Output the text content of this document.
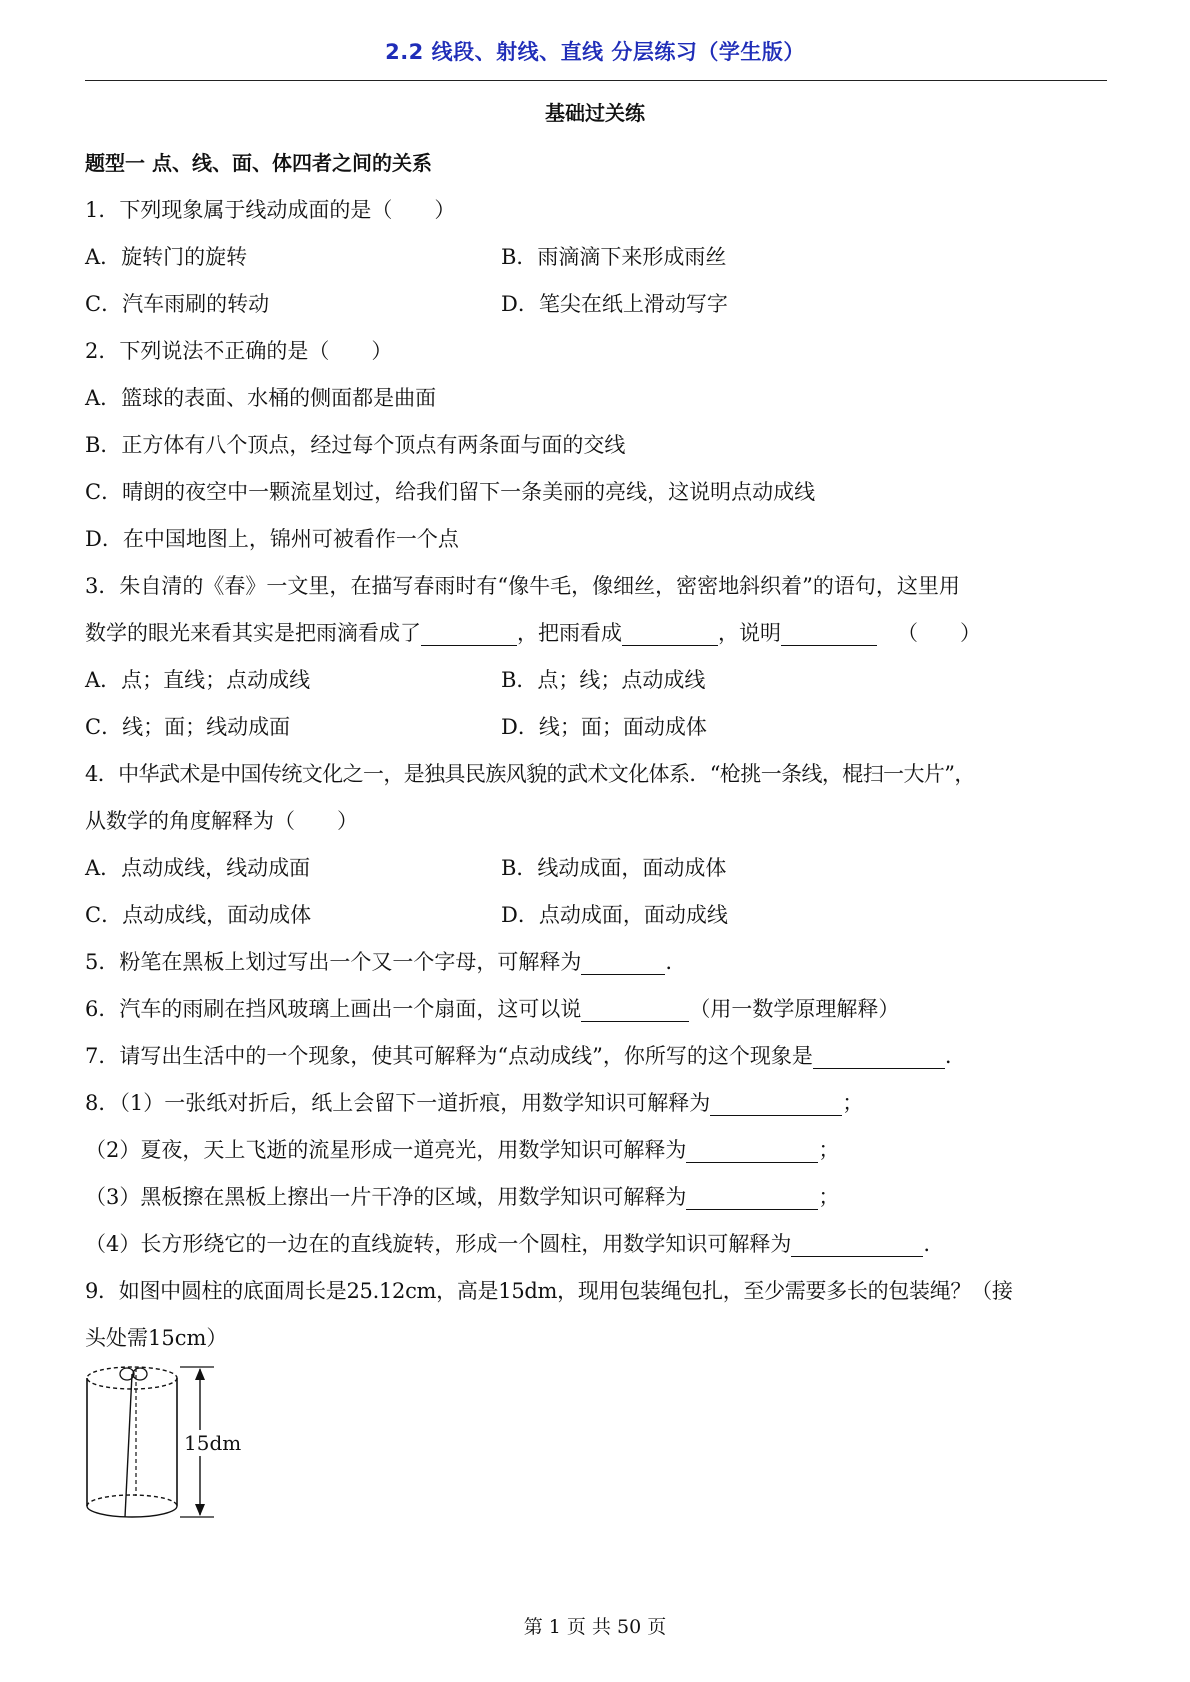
2.2 线段、射线、直线 分层练习（学生版）
基础过关练
题型一 点、线、面、体四者之间的关系
1．下列现象属于线动成面的是（　　）
A．旋转门的旋转	B．雨滴滴下来形成雨丝
C．汽车雨刷的转动	D．笔尖在纸上滑动写字
2．下列说法不正确的是（　　）
A．篮球的表面、水桶的侧面都是曲面
B．正方体有八个顶点，经过每个顶点有两条面与面的交线
C．晴朗的夜空中一颗流星划过，给我们留下一条美丽的亮线，这说明点动成线
D．在中国地图上，锦州可被看作一个点
3．朱自清的《春》一文里，在描写春雨时有“像牛毛，像细丝，密密地斜织着”的语句，这里用
数学的眼光来看其实是把雨滴看成了	，把雨看成	，说明	（　　）
A．点；直线；点动成线	B．点；线；点动成线
C．线；面；线动成面	D．线；面；面动成体
4．中华武术是中国传统文化之一，是独具民族风貌的武术文化体系．“枪挑一条线，棍扫一大片”，
从数学的角度解释为（　　）
A．点动成线，线动成面	B．线动成面，面动成体
C．点动成线，面动成体	D．点动成面，面动成线
5．粉笔在黑板上划过写出一个又一个字母，可解释为	.
6．汽车的雨刷在挡风玻璃上画出一个扇面，这可以说	（用一数学原理解释）
7．请写出生活中的一个现象，使其可解释为“点动成线”，你所写的这个现象是	.
8．（1）一张纸对折后，纸上会留下一道折痕，用数学知识可解释为	；
（2）夏夜，天上飞逝的流星形成一道亮光，用数学知识可解释为	；
（3）黑板擦在黑板上擦出一片干净的区域，用数学知识可解释为	；
（4）长方形绕它的一边在的直线旋转，形成一个圆柱，用数学知识可解释为	.
9．如图中圆柱的底面周长是25.12cm，高是15dm，现用包装绳包扎，至少需要多长的包装绳？（接
头处需15cm）
15dm
第 1 页 共 50 页
